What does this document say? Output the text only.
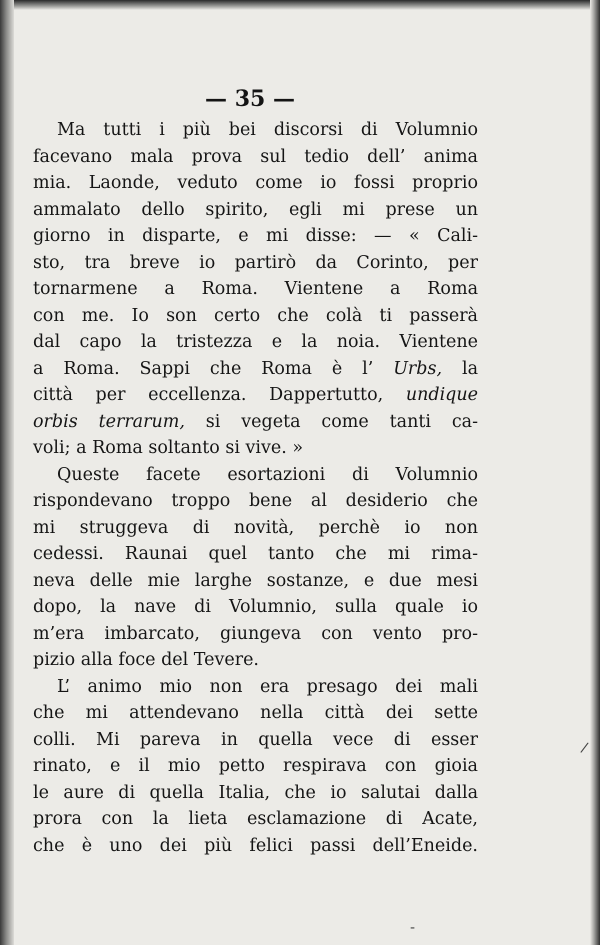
— 35 —
Ma tutti i più bei discorsi di Volumnio
facevano mala prova sul tedio dell’ anima
mia. Laonde, veduto come io fossi proprio
ammalato dello spirito, egli mi prese un
giorno in disparte, e mi disse: — « Cali-
sto, tra breve io partirò da Corinto, per
tornarmene a Roma. Vientene a Roma
con me. Io son certo che colà ti passerà
dal capo la tristezza e la noia. Vientene
a Roma. Sappi che Roma è l’ Urbs, la
città per eccellenza. Dappertutto, undique
orbis terrarum, si vegeta come tanti ca-
voli; a Roma soltanto si vive. »
Queste facete esortazioni di Volumnio
rispondevano troppo bene al desiderio che
mi struggeva di novità, perchè io non
cedessi. Raunai quel tanto che mi rima-
neva delle mie larghe sostanze, e due mesi
dopo, la nave di Volumnio, sulla quale io
m’era imbarcato, giungeva con vento pro-
pizio alla foce del Tevere.
L’ animo mio non era presago dei mali
che mi attendevano nella città dei sette
colli. Mi pareva in quella vece di esser
rinato, e il mio petto respirava con gioia
le aure di quella Italia, che io salutai dalla
prora con la lieta esclamazione di Acate,
che è uno dei più felici passi dell’Eneide.
/
-
